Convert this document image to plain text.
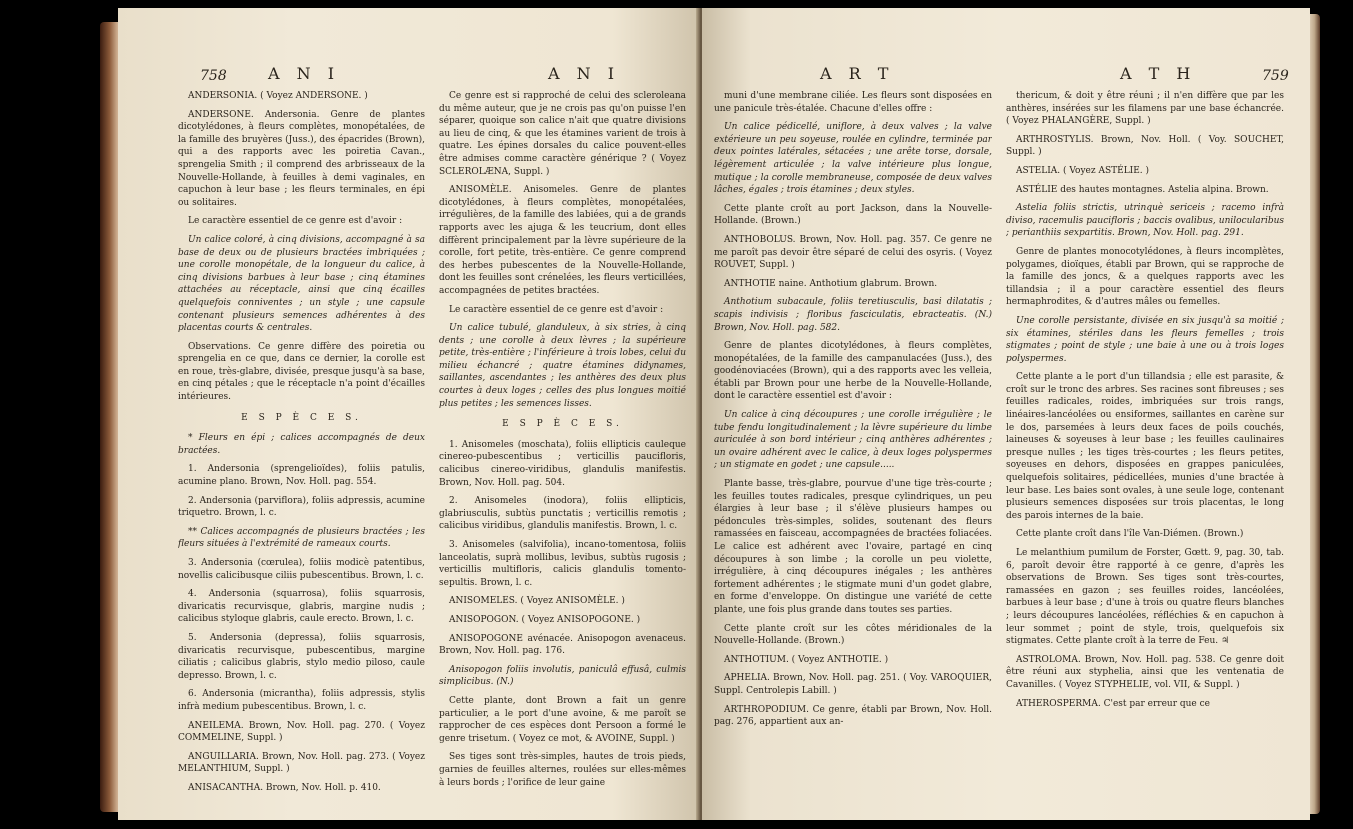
758	A N I	A N I

ANDERSONIA. ( Voyez ANDERSONE. )

ANDERSONE. Andersonia. Genre de plantes dicotylédones, à fleurs complètes, monopétalées, de la famille des bruyères (Juss.), des épacrides (Brown), qui a des rapports avec les poiretia Cavan., sprengelia Smith ; il comprend des arbrisseaux de la Nouvelle-Hollande, à feuilles à demi vaginales, en capuchon à leur base ; les fleurs terminales, en épi ou solitaires.

Le caractère essentiel de ce genre est d'avoir :

Un calice coloré, à cinq divisions, accompagné à sa base de deux ou de plusieurs bractées imbriquées ; une corolle monopétale, de la longueur du calice, à cinq divisions barbues à leur base ; cinq étamines attachées au réceptacle, ainsi que cinq écailles quelquefois conniventes ; un style ; une capsule contenant plusieurs semences adhérentes à des placentas courts & centrales.

Observations. Ce genre diffère des poiretia ou sprengelia en ce que, dans ce dernier, la corolle est en roue, très-glabre, divisée, presque jusqu'à sa base, en cinq pétales ; que le réceptacle n'a point d'écailles intérieures.

E S P È C E S.

* Fleurs en épi ; calices accompagnés de deux bractées.

1. Andersonia (sprengelioïdes), foliis patulis, acumine plano. Brown, Nov. Holl. pag. 554.

2. Andersonia (parviflora), foliis adpressis, acumine triquetro. Brown, l. c.

** Calices accompagnés de plusieurs bractées ; les fleurs situées à l'extrémité de rameaux courts.

3. Andersonia (cœrulea), foliis modicè patentibus, novellis calicibusque ciliis pubescentibus. Brown, l. c.

4. Andersonia (squarrosa), foliis squarrosis, divaricatis recurvisque, glabris, margine nudis ; calicibus styloque glabris, caule erecto. Brown, l. c.

5. Andersonia (depressa), foliis squarrosis, divaricatis recurvisque, pubescentibus, margine ciliatis ; calicibus glabris, stylo medio piloso, caule depresso. Brown, l. c.

6. Andersonia (micrantha), foliis adpressis, stylis infrà medium pubescentibus. Brown, l. c.

ANEILEMA. Brown, Nov. Holl. pag. 270. ( Voyez COMMELINE, Suppl. )

ANGUILLARIA. Brown, Nov. Holl. pag. 273. ( Voyez MELANTHIUM, Suppl. )

ANISACANTHA. Brown, Nov. Holl. p. 410.

Ce genre est si rapproché de celui des scleroleana du même auteur, que je ne crois pas qu'on puisse l'en séparer, quoique son calice n'ait que quatre divisions au lieu de cinq, & que les étamines varient de trois à quatre. Les épines dorsales du calice pouvent-elles être admises comme caractère générique ? ( Voyez SCLEROLÆNA, Suppl. )

ANISOMÈLE. Anisomeles. Genre de plantes dicotylédones, à fleurs complètes, monopétalées, irrégulières, de la famille des labiées, qui a de grands rapports avec les ajuga & les teucrium, dont elles diffèrent principalement par la lèvre supérieure de la corolle, fort petite, très-entière. Ce genre comprend des herbes pubescentes de la Nouvelle-Hollande, dont les feuilles sont crénelées, les fleurs verticillées, accompagnées de petites bractées.

Le caractère essentiel de ce genre est d'avoir :

Un calice tubulé, glanduleux, à six stries, à cinq dents ; une corolle à deux lèvres ; la supérieure petite, très-entière ; l'inférieure à trois lobes, celui du milieu échancré ; quatre étamines didynames, saillantes, ascendantes ; les anthères des deux plus courtes à deux loges ; celles des plus longues moitié plus petites ; les semences lisses.

E S P È C E S.

1. Anisomeles (moschata), foliis ellipticis cauleque cinereo-pubescentibus ; verticillis paucifloris, calicibus cinereo-viridibus, glandulis manifestis. Brown, Nov. Holl. pag. 504.

2. Anisomeles (inodora), foliis ellipticis, glabriusculis, subtùs punctatis ; verticillis remotis ; calicibus viridibus, glandulis manifestis. Brown, l. c.

3. Anisomeles (salvifolia), incano-tomentosa, foliis lanceolatis, suprà mollibus, levibus, subtùs rugosis ; verticillis multifloris, calicis glandulis tomento-sepultis. Brown, l. c.

ANISOMELES. ( Voyez ANISOMÈLE. )

ANISOPOGON. ( Voyez ANISOPOGONE. )

ANISOPOGONE avénacée. Anisopogon avenaceus. Brown, Nov. Holl. pag. 176.

Anisopogon foliis involutis, paniculâ effusâ, culmis simplicibus. (N.)

Cette plante, dont Brown a fait un genre particulier, a le port d'une avoine, & me paroît se rapprocher de ces espèces dont Persoon a formé le genre trisetum. ( Voyez ce mot, & AVOINE, Suppl. )

Ses tiges sont très-simples, hautes de trois pieds, garnies de feuilles alternes, roulées sur elles-mêmes à leurs bords ; l'orifice de leur gaine

A R T	A T H	759

muni d'une membrane ciliée. Les fleurs sont disposées en une panicule très-étalée. Chacune d'elles offre :

Un calice pédicellé, uniflore, à deux valves ; la valve extérieure un peu soyeuse, roulée en cylindre, terminée par deux pointes latérales, sétacées ; une arête torse, dorsale, légèrement articulée ; la valve intérieure plus longue, mutique ; la corolle membraneuse, composée de deux valves lâches, égales ; trois étamines ; deux styles.

Cette plante croît au port Jackson, dans la Nouvelle-Hollande. (Brown.)

ANTHOBOLUS. Brown, Nov. Holl. pag. 357. Ce genre ne me paroît pas devoir être séparé de celui des osyris. ( Voyez ROUVET, Suppl. )

ANTHOTIE naine. Anthotium glabrum. Brown.

Anthotium subacaule, foliis teretiusculis, basi dilatatis ; scapis indivisis ; floribus fasciculatis, ebracteatis. (N.) Brown, Nov. Holl. pag. 582.

Genre de plantes dicotylédones, à fleurs complètes, monopétalées, de la famille des campanulacées (Juss.), des goodénoviacées (Brown), qui a des rapports avec les velleia, établi par Brown pour une herbe de la Nouvelle-Hollande, dont le caractère essentiel est d'avoir :

Un calice à cinq découpures ; une corolle irrégulière ; le tube fendu longitudinalement ; la lèvre supérieure du limbe auriculée à son bord intérieur ; cinq anthères adhérentes ; un ovaire adhérent avec le calice, à deux loges polyspermes ; un stigmate en godet ; une capsule.....

Plante basse, très-glabre, pourvue d'une tige très-courte ; les feuilles toutes radicales, presque cylindriques, un peu élargies à leur base ; il s'élève plusieurs hampes ou pédoncules très-simples, solides, soutenant des fleurs ramassées en faisceau, accompagnées de bractées foliacées. Le calice est adhérent avec l'ovaire, partagé en cinq découpures à son limbe ; la corolle un peu violette, irrégulière, à cinq découpures inégales ; les anthères fortement adhérentes ; le stigmate muni d'un godet glabre, en forme d'enveloppe. On distingue une variété de cette plante, une fois plus grande dans toutes ses parties.

Cette plante croît sur les côtes méridionales de la Nouvelle-Hollande. (Brown.)

ANTHOTIUM. ( Voyez ANTHOTIE. )

APHELIA. Brown, Nov. Holl. pag. 251. ( Voy. VAROQUIER, Suppl. Centrolepis Labill. )

ARTHROPODIUM. Ce genre, établi par Brown, Nov. Holl. pag. 276, appartient aux an-

thericum, & doit y être réuni ; il n'en diffère que par les anthères, insérées sur les filamens par une base échancrée. ( Voyez PHALANGÈRE, Suppl. )

ARTHROSTYLIS. Brown, Nov. Holl. ( Voy. SOUCHET, Suppl. )

ASTELIA. ( Voyez ASTÉLIE. )

ASTÉLIE des hautes montagnes. Astelia alpina. Brown.

Astelia foliis strictis, utrinquè sericeis ; racemo infrà diviso, racemulis paucifloris ; baccis ovalibus, unilocularibus ; perianthiis sexpartitis. Brown, Nov. Holl. pag. 291.

Genre de plantes monocotylédones, à fleurs incomplètes, polygames, dioïques, établi par Brown, qui se rapproche de la famille des joncs, & a quelques rapports avec les tillandsia ; il a pour caractère essentiel des fleurs hermaphrodites, & d'autres mâles ou femelles.

Une corolle persistante, divisée en six jusqu'à sa moitié ; six étamines, stériles dans les fleurs femelles ; trois stigmates ; point de style ; une baie à une ou à trois loges polyspermes.

Cette plante a le port d'un tillandsia ; elle est parasite, & croît sur le tronc des arbres. Ses racines sont fibreuses ; ses feuilles radicales, roides, imbriquées sur trois rangs, linéaires-lancéolées ou ensiformes, saillantes en carène sur le dos, parsemées à leurs deux faces de poils couchés, laineuses & soyeuses à leur base ; les feuilles caulinaires presque nulles ; les tiges très-courtes ; les fleurs petites, soyeuses en dehors, disposées en grappes paniculées, quelquefois solitaires, pédicellées, munies d'une bractée à leur base. Les baies sont ovales, à une seule loge, contenant plusieurs semences disposées sur trois placentas, le long des parois internes de la baie.

Cette plante croît dans l'île Van-Diémen. (Brown.)

Le melanthium pumilum de Forster, Gœtt. 9, pag. 30, tab. 6, paroît devoir être rapporté à ce genre, d'après les observations de Brown. Ses tiges sont très-courtes, ramassées en gazon ; ses feuilles roides, lancéolées, barbues à leur base ; d'une à trois ou quatre fleurs blanches ; leurs découpures lancéolées, réfléchies & en capuchon à leur sommet ; point de style, trois, quelquefois six stigmates. Cette plante croît à la terre de Feu. ♃

ASTROLOMA. Brown, Nov. Holl. pag. 538. Ce genre doit être réuni aux styphelia, ainsi que les ventenatia de Cavanilles. ( Voyez STYPHELIE, vol. VII, & Suppl. )

ATHEROSPERMA. C'est par erreur que ce
